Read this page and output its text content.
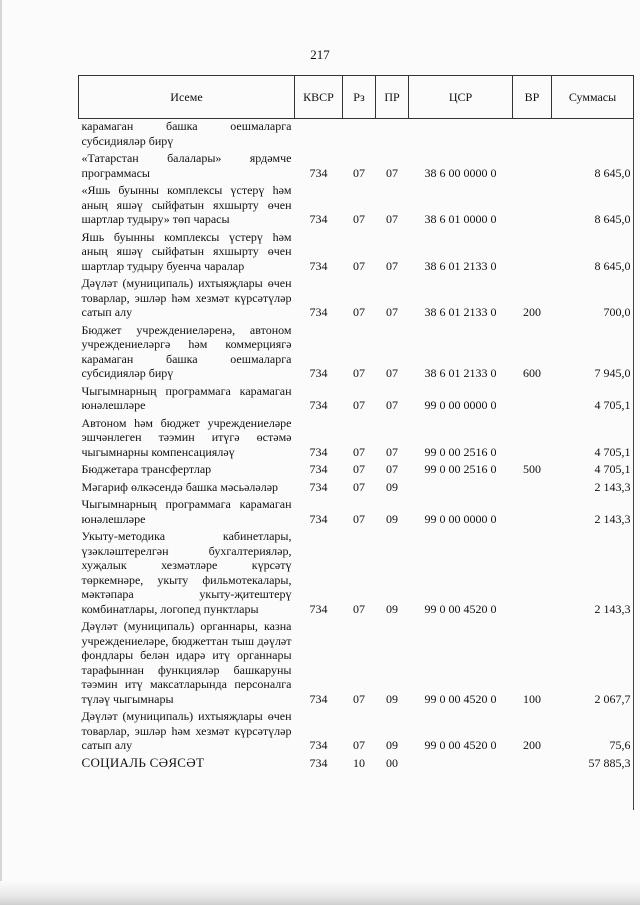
217
Исеме	КВСР	Рз	ПР	ЦСР	ВР	Суммасы
карамаган башка оешмаларга субсидияләр бирү						
«Татарстан балалары» ярдәмче программасы	734	07	07	38 6 00 0000 0		8 645,0
«Яшь буынны комплексы үстерү һәм аның яшәү сыйфатын яхшырту өчен шартлар тудыру» төп чарасы	734	07	07	38 6 01 0000 0		8 645,0
Яшь буынны комплексы үстерү һәм аның яшәү сыйфатын яхшырту өчен шартлар тудыру буенча чаралар	734	07	07	38 6 01 2133 0		8 645,0
Дәүләт (муниципаль) ихтыяҗлары өчен товарлар, эшләр һәм хезмәт күрсәтүләр сатып алу	734	07	07	38 6 01 2133 0	200	700,0
Бюджет учреждениеләренә, автоном учреждениеләргә һәм коммерциягә карамаган башка оешмаларга субсидияләр бирү	734	07	07	38 6 01 2133 0	600	7 945,0
Чыгымнарның программага карамаган юнәлешләре	734	07	07	99 0 00 0000 0		4 705,1
Автоном һәм бюджет учреждениеләре эшчәнлеген тәэмин итүгә өстәмә чыгымнарны компенсацияләү	734	07	07	99 0 00 2516 0		4 705,1
Бюджетара трансфертлар	734	07	07	99 0 00 2516 0	500	4 705,1
Мәгариф өлкәсендә башка мәсьәләләр	734	07	09			2 143,3
Чыгымнарның программага карамаган юнәлешләре	734	07	09	99 0 00 0000 0		2 143,3
Укыту-методика кабинетлары, үзәкләштерелгән бухгалтерияләр, хуҗалык хезмәтләре күрсәтү төркемнәре, укыту фильмотекалары, мәктәпара укыту-җитештерү комбинатлары, логопед пунктлары	734	07	09	99 0 00 4520 0		2 143,3
Дәүләт (муниципаль) органнары, казна учреждениеләре, бюджеттан тыш дәүләт фондлары белән идарә итү органнары тарафыннан функцияләр башкаруны тәэмин итү максатларында персоналга түләү чыгымнары	734	07	09	99 0 00 4520 0	100	2 067,7
Дәүләт (муниципаль) ихтыяҗлары өчен товарлар, эшләр һәм хезмәт күрсәтүләр сатып алу	734	07	09	99 0 00 4520 0	200	75,6
СОЦИАЛЬ СӘЯСӘТ	734	10	00			57 885,3
